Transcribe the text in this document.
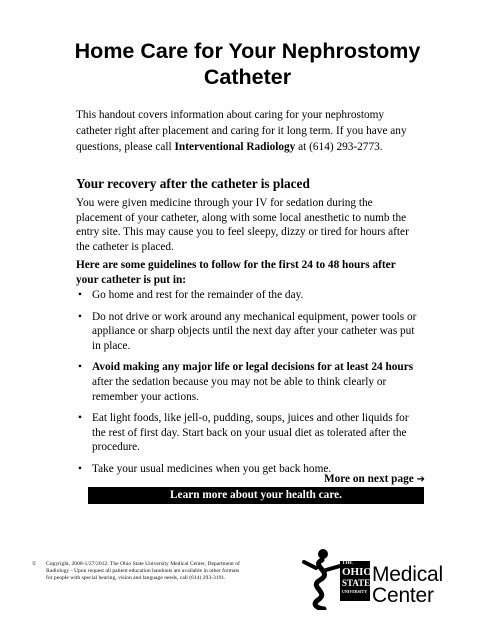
Home Care for Your Nephrostomy
Catheter

This handout covers information about caring for your nephrostomy catheter right after placement and caring for it long term. If you have any questions, please call Interventional Radiology at (614) 293-2773.

Your recovery after the catheter is placed

You were given medicine through your IV for sedation during the placement of your catheter, along with some local anesthetic to numb the entry site. This may cause you to feel sleepy, dizzy or tired for hours after the catheter is placed.

Here are some guidelines to follow for the first 24 to 48 hours after your catheter is put in:

• Go home and rest for the remainder of the day.
• Do not drive or work around any mechanical equipment, power tools or appliance or sharp objects until the next day after your catheter was put in place.
• Avoid making any major life or legal decisions for at least 24 hours after the sedation because you may not be able to think clearly or remember your actions.
• Eat light foods, like jell-o, pudding, soups, juices and other liquids for the rest of first day. Start back on your usual diet as tolerated after the procedure.
• Take your usual medicines when you get back home.

More on next page ➔

Learn more about your health care.
© Copyright, 2008-1/27/2012. The Ohio State University Medical Center, Department of Radiology - Upon request all patient education handouts are available in other formats for people with special hearing, vision and language needs, call (614) 293-3191.
THE
OHIO
STATE
UNIVERSITY
Medical
Center
